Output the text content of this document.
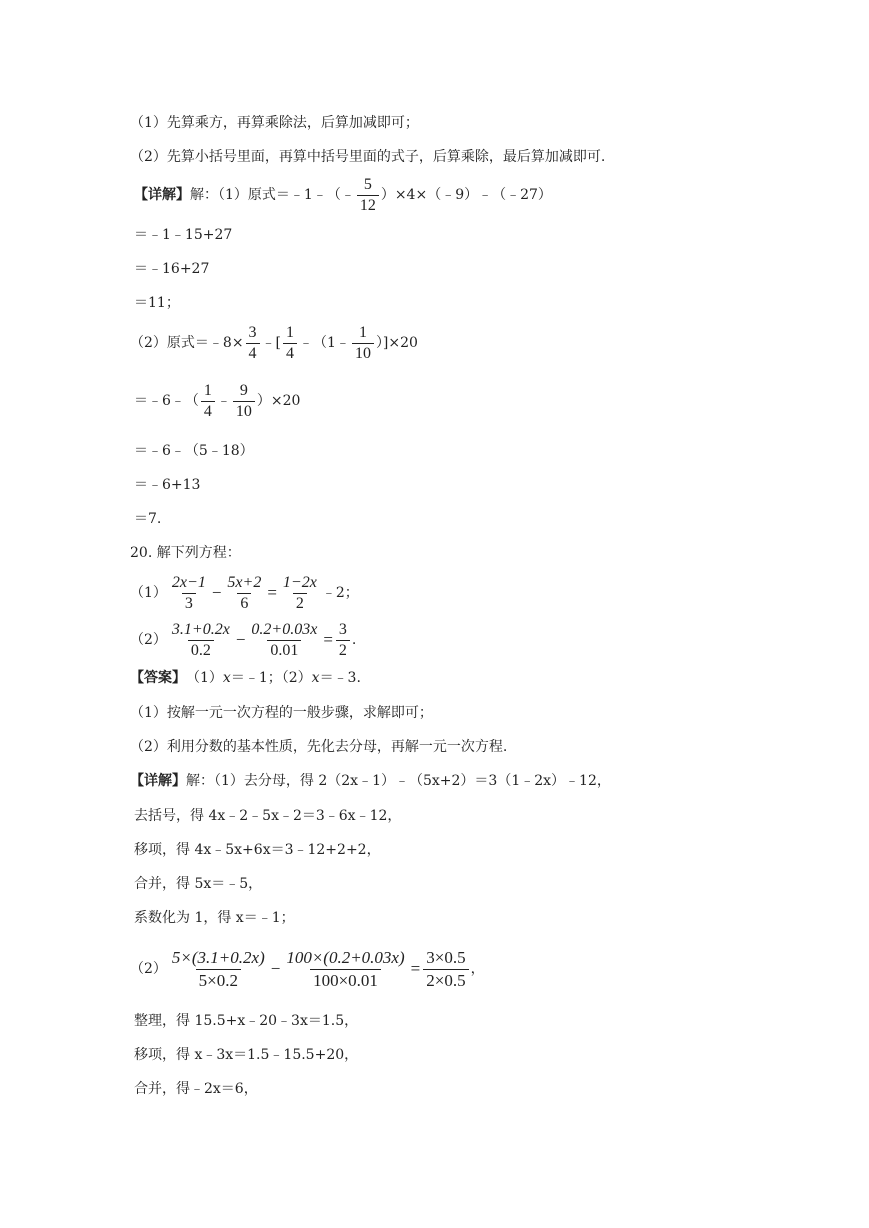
（1）先算乘方，再算乘除法，后算加减即可；
（2）先算小括号里面，再算中括号里面的式子，后算乘除，最后算加减即可.
【详解】 解：（1）原式＝﹣1﹣（﹣ $\frac{5}{12}$ ）×4×（﹣9）﹣（﹣27）
＝﹣1﹣15+27
＝﹣16+27
＝11；
（2）原式＝﹣8× $\frac{3}{4}$ ﹣[ $\frac{1}{4}$ ﹣（1﹣ $\frac{1}{10} )]\times 20$
＝﹣6﹣（ $\frac{1}{4}$ ﹣ $\frac{9}{10} )\times 20$
＝﹣6﹣（5﹣18）
＝﹣6+13
＝7.
20. 解下列方程：
$(1) \frac{2x-1}{3} - \frac{5x+2}{6} = \frac{1-2x}{2}$ ﹣2；
$(2) \frac{3.1+0.2x}{0.2} - \frac{0.2+0.03x}{0.01} = \frac{3}{2}$ .
【答案】 （1） x ＝﹣1；（2） x ＝﹣3.
（1）按解一元一次方程的一般步骤，求解即可；
（2）利用分数的基本性质，先化去分母，再解一元一次方程.
【详解】 解：（1）去分母，得 2（2x﹣1）﹣（5x+2）＝3（1﹣2x）﹣12，
去括号，得 4x﹣2﹣5x﹣2＝3﹣6x﹣12，
移项，得 4x﹣5x+6x＝3﹣12+2+2，
合并，得 5x＝﹣5，
系数化为 1，得 x＝﹣1；
$(2) \frac{5\times(3.1+0.2x)}{5\times 0.2} - \frac{100\times(0.2+0.03x)}{100\times 0.01} = \frac{3\times 0.5}{2\times 0.5}$ ，
整理，得 15.5+x﹣20﹣3x＝1.5，
移项，得 x﹣3x＝1.5﹣15.5+20，
合并，得﹣2x＝6，
